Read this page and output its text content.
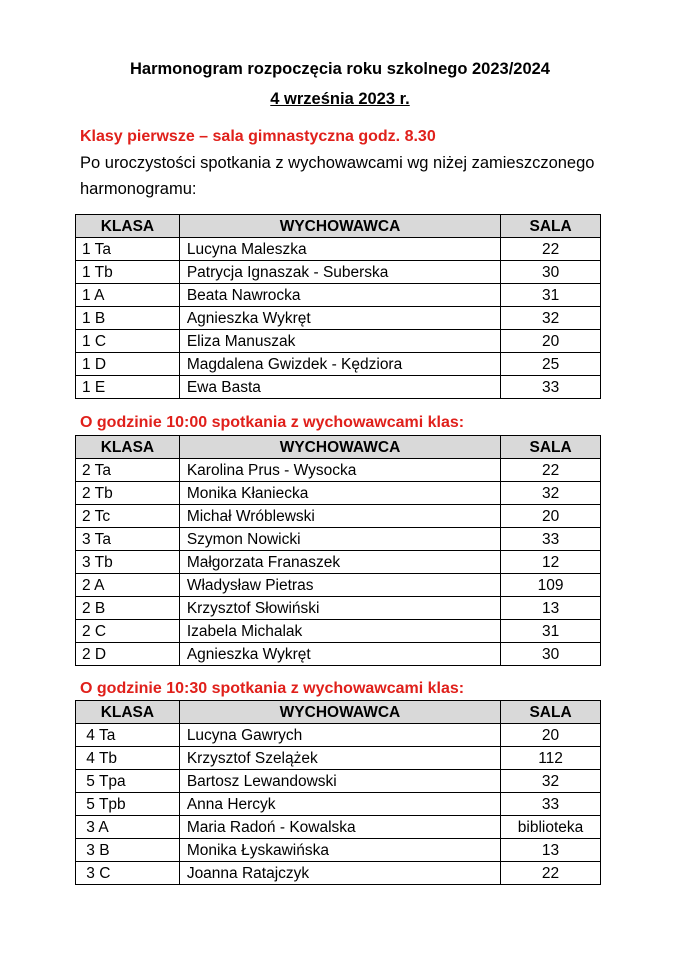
Harmonogram rozpoczęcia roku szkolnego 2023/2024
4 września 2023 r.
Klasy pierwsze – sala gimnastyczna godz. 8.30
Po uroczystości spotkania z wychowawcami wg niżej zamieszczonego
harmonogramu:
KLASA	WYCHOWAWCA	SALA
1 Ta	Lucyna Maleszka	22
1 Tb	Patrycja Ignaszak - Suberska	30
1 A	Beata Nawrocka	31
1 B	Agnieszka Wykręt	32
1 C	Eliza Manuszak	20
1 D	Magdalena Gwizdek - Kędziora	25
1 E	Ewa Basta	33
O godzinie 10:00 spotkania z wychowawcami klas:
KLASA	WYCHOWAWCA	SALA
2 Ta	Karolina Prus - Wysocka	22
2 Tb	Monika Kłaniecka	32
2 Tc	Michał Wróblewski	20
3 Ta	Szymon Nowicki	33
3 Tb	Małgorzata Franaszek	12
2 A	Władysław Pietras	109
2 B	Krzysztof Słowiński	13
2 C	Izabela Michalak	31
2 D	Agnieszka Wykręt	30
O godzinie 10:30 spotkania z wychowawcami klas:
KLASA	WYCHOWAWCA	SALA
4 Ta	Lucyna Gawrych	20
4 Tb	Krzysztof Szelążek	112
5 Tpa	Bartosz Lewandowski	32
5 Tpb	Anna Hercyk	33
3 A	Maria Radoń - Kowalska	biblioteka
3 B	Monika Łyskawińska	13
3 C	Joanna Ratajczyk	22
